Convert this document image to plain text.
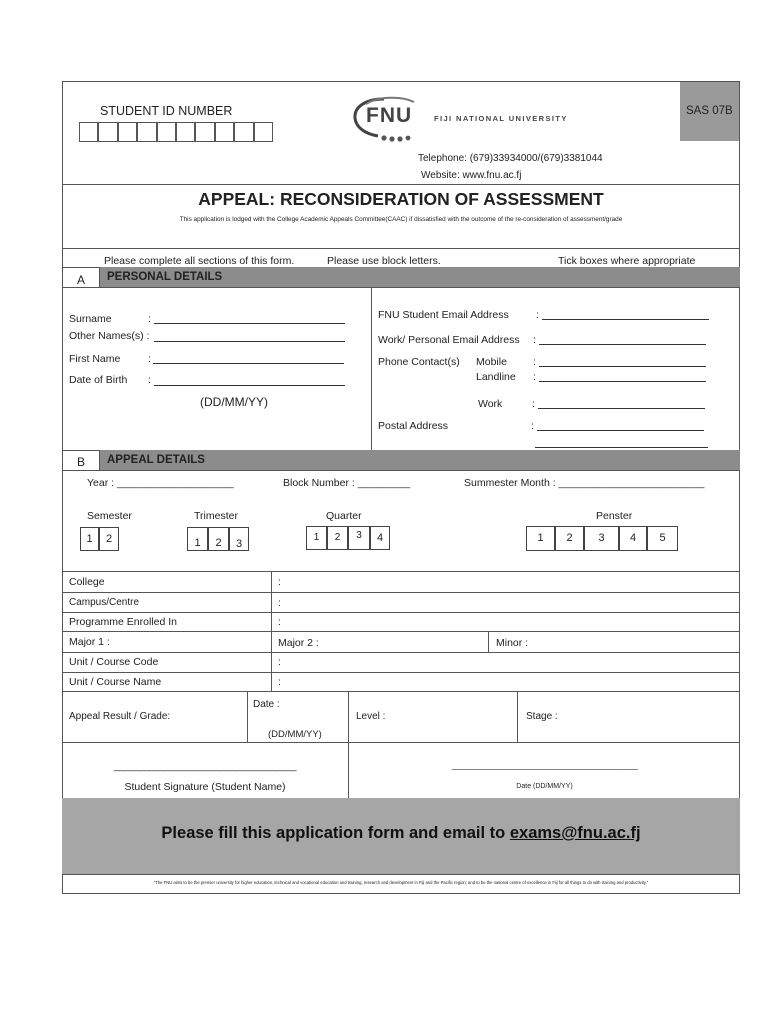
STUDENT ID NUMBER	FNU	FIJI NATIONAL UNIVERSITY
SAS 07B
Telephone: (679)33934000/(679)3381044
Website: www.fnu.ac.fj
APPEAL: RECONSIDERATION OF ASSESSMENT
This application is lodged with the College Academic Appeals Committee(CAAC) if dissatisfied with the outcome of the re-consideration of assessment/grade
Please complete all sections of this form.	Please use block letters.	Tick boxes where appropriate
A PERSONAL DETAILS
Surname	:
Other Names(s) :
First Name	:
Date of Birth :
(DD/MM/YY)
FNU Student Email Address	:
Work/ Personal Email Address :
Phone Contact(s) Mobile :
Landline :
Work	:
Postal Address	:
B APPEAL DETAILS
Year : ____________________	Block Number : _________	Summester Month : _________________________
Semester
1	2
Trimester
1	2	3
Quarter
1	2	3	4
Penster
1	2	3	4	5
College	:
Campus/Centre	:
Programme Enrolled In	:
Major 1 :	Major 2 :	Minor :
Unit / Course Code	:
Unit / Course Name	:
Appeal Result / Grade:
Date :
(DD/MM/YY)
Level :	Stage :
____________________________________
Student Signature (Student Name)
_______________________________________________
Date (DD/MM/YY)
Please fill this application form and email to exams@fnu.ac.fj
"The FNU aims to be the premier university for higher education, technical and vocational education and training, research and development in Fiji and the Pacific region; and to be the national centre of excellence in Fiji for all things to do with training and productivity."
